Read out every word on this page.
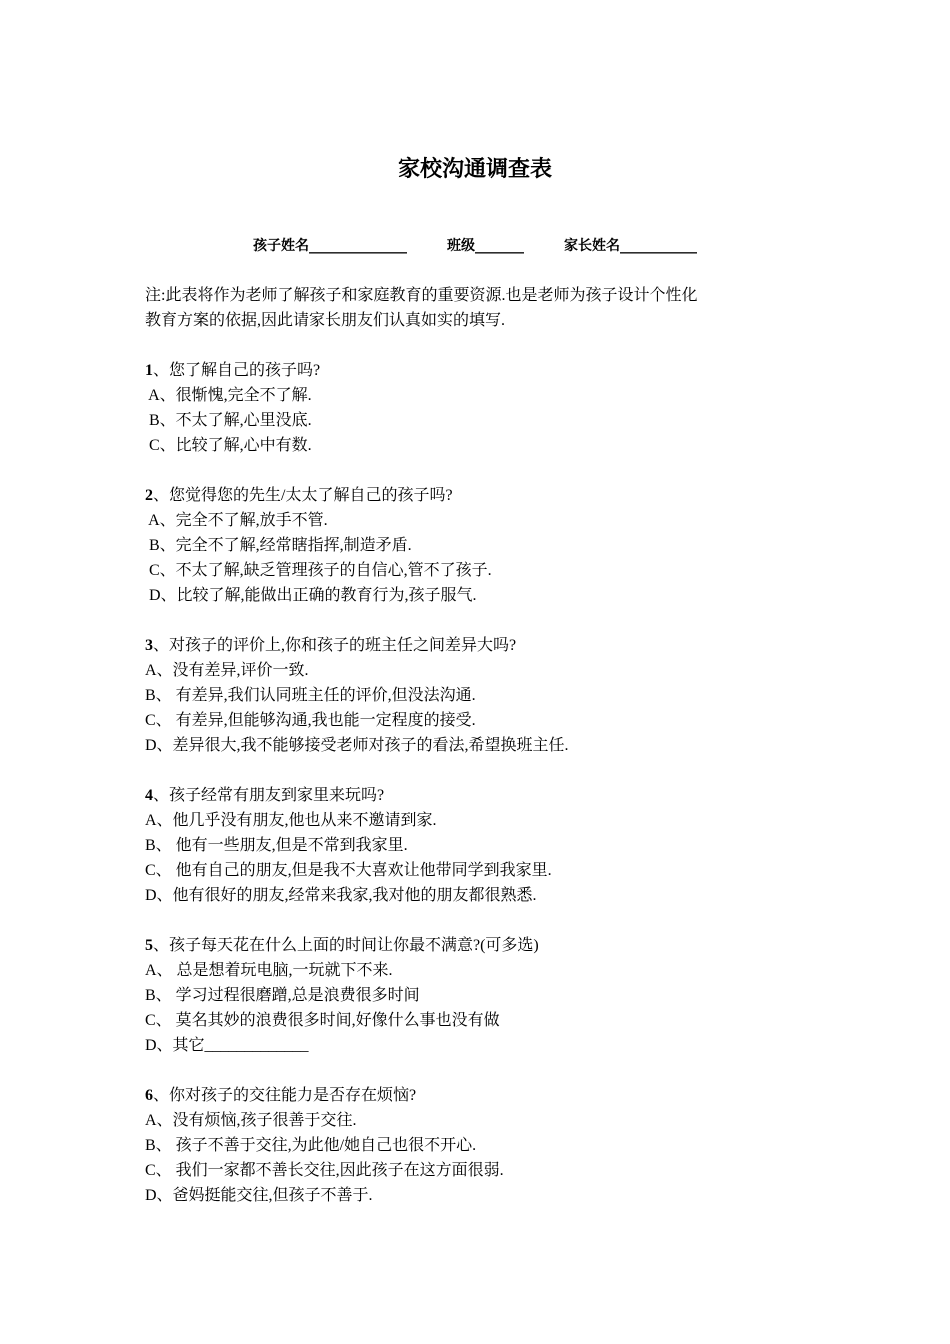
家校沟通调查表
孩子姓名______________	班级_______	家长姓名___________
注:此表将作为老师了解孩子和家庭教育的重要资源.也是老师为孩子设计个性化
教育方案的依据,因此请家长朋友们认真如实的填写.
1、您了解自己的孩子吗?
A、很惭愧,完全不了解.
B、不太了解,心里没底.
C、比较了解,心中有数.
2、您觉得您的先生/太太了解自己的孩子吗?
A、完全不了解,放手不管.
B、完全不了解,经常瞎指挥,制造矛盾.
C、不太了解,缺乏管理孩子的自信心,管不了孩子.
D、比较了解,能做出正确的教育行为,孩子服气.
3、对孩子的评价上,你和孩子的班主任之间差异大吗?
A、没有差异,评价一致.
B、 有差异,我们认同班主任的评价,但没法沟通.
C、 有差异,但能够沟通,我也能一定程度的接受.
D、差异很大,我不能够接受老师对孩子的看法,希望换班主任.
4、孩子经常有朋友到家里来玩吗?
A、他几乎没有朋友,他也从来不邀请到家.
B、 他有一些朋友,但是不常到我家里.
C、 他有自己的朋友,但是我不大喜欢让他带同学到我家里.
D、他有很好的朋友,经常来我家,我对他的朋友都很熟悉.
5、孩子每天花在什么上面的时间让你最不满意?(可多选)
A、 总是想着玩电脑,一玩就下不来.
B、 学习过程很磨蹭,总是浪费很多时间
C、 莫名其妙的浪费很多时间,好像什么事也没有做
D、其它_____________
6、你对孩子的交往能力是否存在烦恼?
A、没有烦恼,孩子很善于交往.
B、 孩子不善于交往,为此他/她自己也很不开心.
C、 我们一家都不善长交往,因此孩子在这方面很弱.
D、爸妈挺能交往,但孩子不善于.
